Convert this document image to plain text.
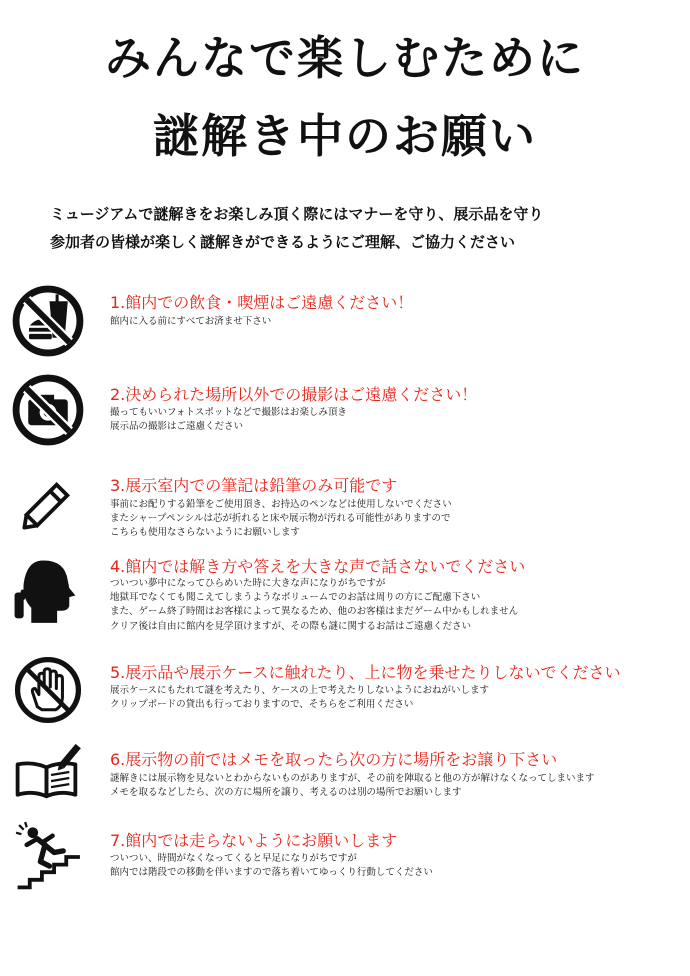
みんなで楽しむために
謎解き中のお願い
ミュージアムで謎解きをお楽しみ頂く際にはマナーを守り、展示品を守り
参加者の皆様が楽しく謎解きができるようにご理解、ご協力ください
1.館内での飲食・喫煙はご遠慮ください！
館内に入る前にすべてお済ませ下さい
2.決められた場所以外での撮影はご遠慮ください！
撮ってもいいフォトスポットなどで撮影はお楽しみ頂き
展示品の撮影はご遠慮ください
3.展示室内での筆記は鉛筆のみ可能です
事前にお配りする鉛筆をご使用頂き、お持込のペンなどは使用しないでください
またシャープペンシルは芯が折れると床や展示物が汚れる可能性がありますので
こちらも使用なさらないようにお願いします
4.館内では解き方や答えを大きな声で話さないでください
ついつい夢中になってひらめいた時に大きな声になりがちですが
地獄耳でなくても聞こえてしまうようなボリュームでのお話は周りの方にご配慮下さい
また、ゲーム終了時間はお客様によって異なるため、他のお客様はまだゲーム中かもしれません
クリア後は自由に館内を見学頂けますが、その際も謎に関するお話はご遠慮ください
5.展示品や展示ケースに触れたり、上に物を乗せたりしないでください
展示ケースにもたれて謎を考えたり、ケースの上で考えたりしないようにおねがいします
クリップボードの貸出も行っておりますので、そちらをご利用ください
6.展示物の前ではメモを取ったら次の方に場所をお譲り下さい
謎解きには展示物を見ないとわからないものがありますが、その前を陣取ると他の方が解けなくなってしまいます
メモを取るなどしたら、次の方に場所を譲り、考えるのは別の場所でお願いします
7.館内では走らないようにお願いします
ついつい、時間がなくなってくると早足になりがちですが
館内では階段での移動を伴いますので落ち着いてゆっくり行動してください
